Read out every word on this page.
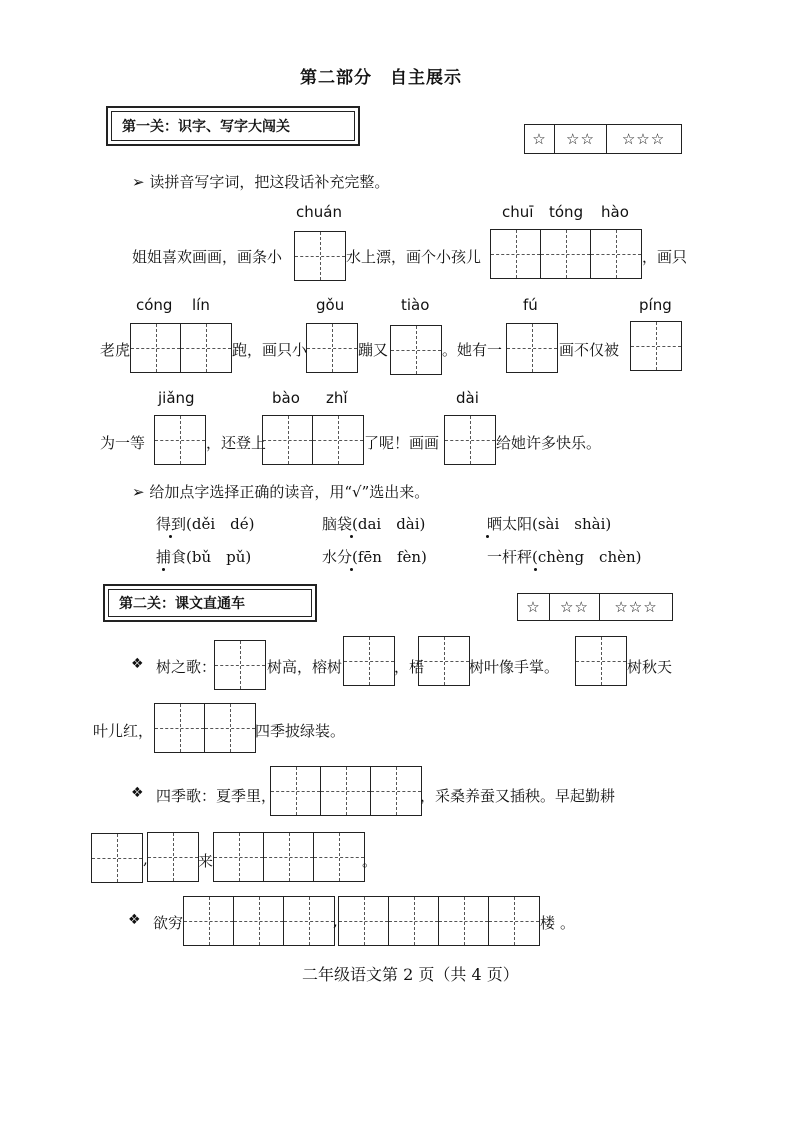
第二部分　自主展示
第一关：识字、写字大闯关
☆	☆☆	☆☆☆
➢ 读拼音写字词，把这段话补充完整。
chuán	chuī tóng hào
姐姐喜欢画画，画条小	水上漂，画个小孩儿	，画只
cóng lín	gǒu	tiào	fú	píng
老虎	跑，画只小	蹦又	。她有一	画不仅被
jiǎng	bào zhǐ	dài
为一等	，还登上	了呢！画画	给她许多快乐。
➢ 给加点字选择正确的读音，用“√”选出来。
得到(děi　dé)	脑袋(dai　dài)	晒太阳(sài　shài)
捕食(bǔ　pǔ)	水分(fēn　fèn)	一杆秤(chèng　chèn)
第二关：课文直通车	☆	☆☆	☆☆☆
❖ 树之歌：	树高，榕树	，梧	树叶像手掌。	树秋天
叶儿红，	四季披绿装。
❖ 四季歌：夏季里，	，采桑养蚕又插秧。早起勤耕
,	来	。
❖ 欲穷	,	楼 。
二年级语文第 2 页（共 4 页）
